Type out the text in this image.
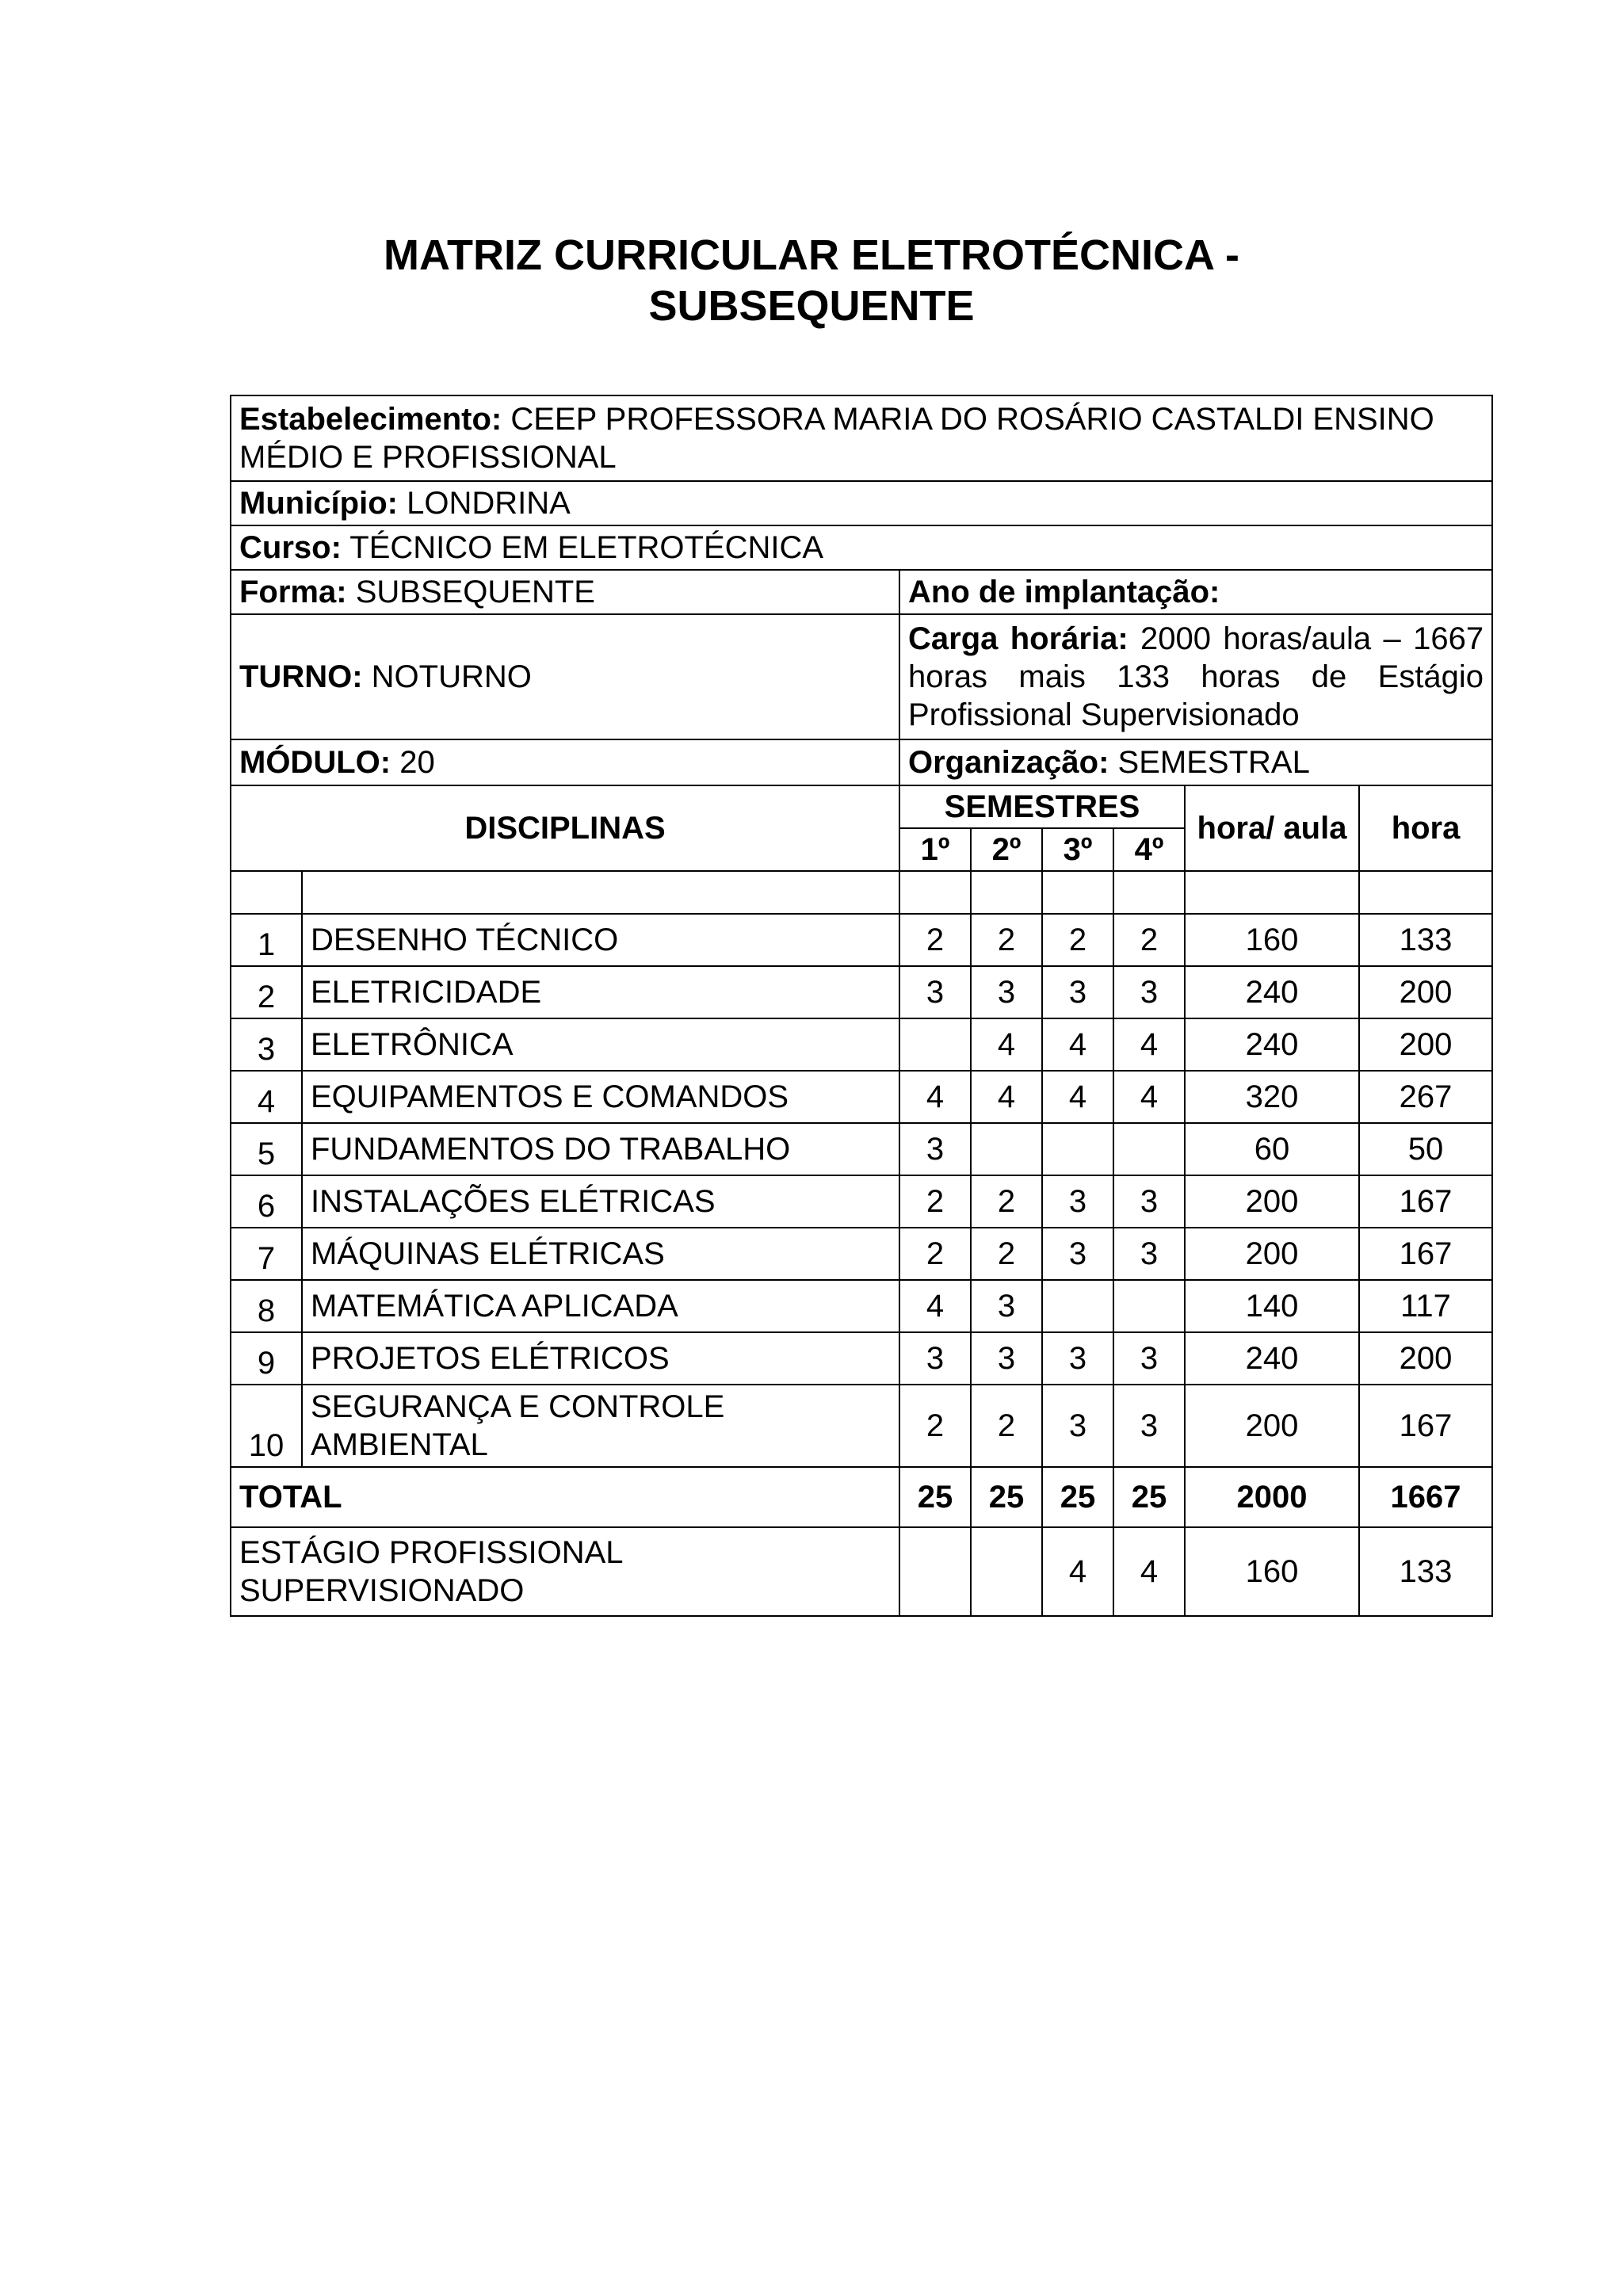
MATRIZ CURRICULAR ELETROTÉCNICA -
SUBSEQUENTE
Estabelecimento: CEEP PROFESSORA MARIA DO ROSÁRIO CASTALDI ENSINO MÉDIO E PROFISSIONAL							
Município: LONDRINA							
Curso: TÉCNICO EM ELETROTÉCNICA							
Forma: SUBSEQUENTE		Ano de implantação:					
TURNO: NOTURNO		Carga horária: 2000 horas/aula – 1667 horas mais 133 horas de Estágio Profissional Supervisionado					
MÓDULO: 20		Organização: SEMESTRAL					
DISCIPLINAS		SEMESTRES				hora/ aula	hora
		1º	2º	3º	4º		

1	DESENHO TÉCNICO	2	2	2	2	160	133
2	ELETRICIDADE	3	3	3	3	240	200
3	ELETRÔNICA		4	4	4	240	200
4	EQUIPAMENTOS E COMANDOS	4	4	4	4	320	267
5	FUNDAMENTOS DO TRABALHO	3				60	50
6	INSTALAÇÕES ELÉTRICAS	2	2	3	3	200	167
7	MÁQUINAS ELÉTRICAS	2	2	3	3	200	167
8	MATEMÁTICA APLICADA	4	3			140	117
9	PROJETOS ELÉTRICOS	3	3	3	3	240	200
10	SEGURANÇA E CONTROLE AMBIENTAL	2	2	3	3	200	167
TOTAL		25	25	25	25	2000	1667
ESTÁGIO PROFISSIONAL SUPERVISIONADO				4	4	160	133
